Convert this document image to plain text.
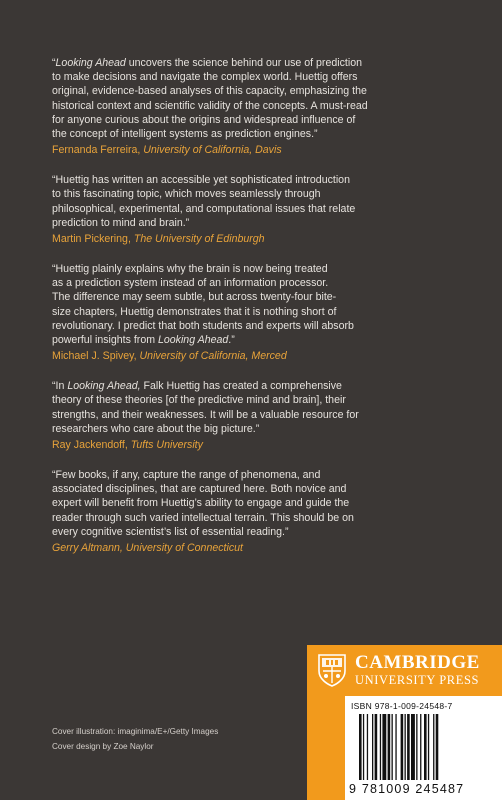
“Looking Ahead uncovers the science behind our use of prediction
to make decisions and navigate the complex world. Huettig offers
original, evidence-based analyses of this capacity, emphasizing the
historical context and scientific validity of the concepts. A must-read
for anyone curious about the origins and widespread influence of
the concept of intelligent systems as prediction engines.”

Fernanda Ferreira, University of California, Davis

“Huettig has written an accessible yet sophisticated introduction
to this fascinating topic, which moves seamlessly through
philosophical, experimental, and computational issues that relate
prediction to mind and brain.”

Martin Pickering, The University of Edinburgh

“Huettig plainly explains why the brain is now being treated
as a prediction system instead of an information processor.
The difference may seem subtle, but across twenty-four bite-
size chapters, Huettig demonstrates that it is nothing short of
revolutionary. I predict that both students and experts will absorb
powerful insights from Looking Ahead.”

Michael J. Spivey, University of California, Merced

“In Looking Ahead, Falk Huettig has created a comprehensive
theory of these theories [of the predictive mind and brain], their
strengths, and their weaknesses. It will be a valuable resource for
researchers who care about the big picture.”

Ray Jackendoff, Tufts University

“Few books, if any, capture the range of phenomena, and
associated disciplines, that are captured here. Both novice and
expert will benefit from Huettig’s ability to engage and guide the
reader through such varied intellectual terrain. This should be on
every cognitive scientist’s list of essential reading.”

Gerry Altmann, University of Connecticut
Cover illustration: imaginima/E+/Getty Images
Cover design by Zoe Naylor
CAMBRIDGE
UNIVERSITY PRESS
ISBN 978-1-009-24548-7
9 781009 245487
